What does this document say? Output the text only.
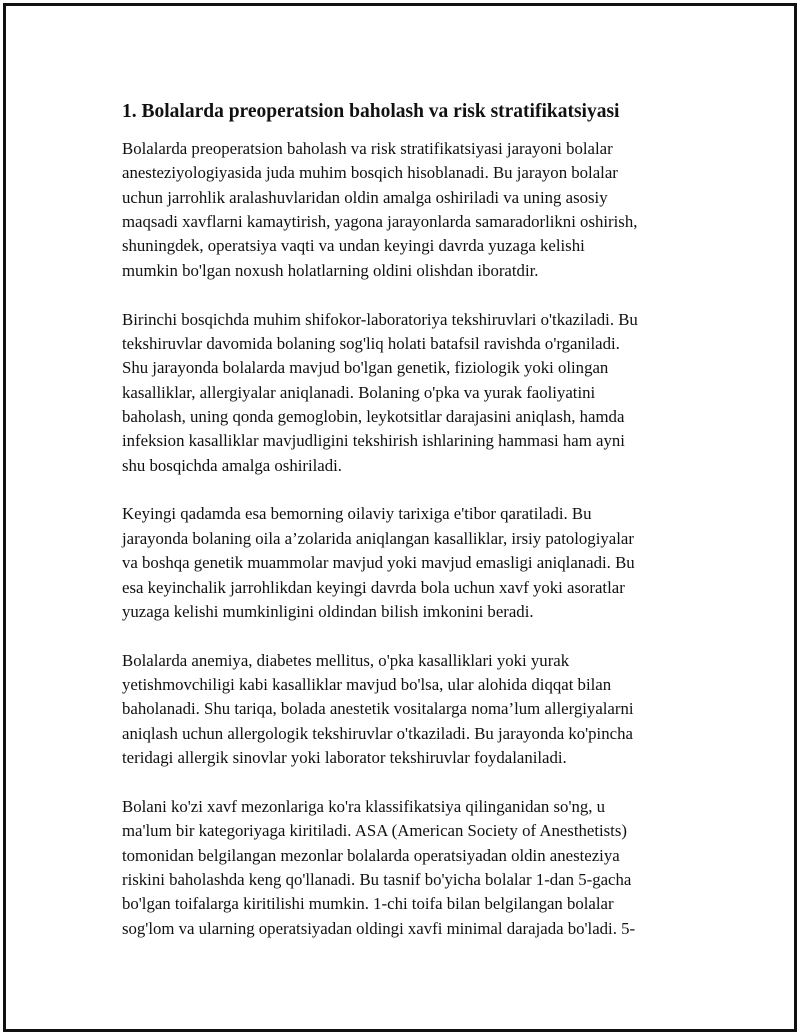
1. Bolalarda preoperatsion baholash va risk stratifikatsiyasi

Bolalarda preoperatsion baholash va risk stratifikatsiyasi jarayoni bolalar
anesteziyologiyasida juda muhim bosqich hisoblanadi. Bu jarayon bolalar
uchun jarrohlik aralashuvlaridan oldin amalga oshiriladi va uning asosiy
maqsadi xavflarni kamaytirish, yagona jarayonlarda samaradorlikni oshirish,
shuningdek, operatsiya vaqti va undan keyingi davrda yuzaga kelishi
mumkin bo'lgan noxush holatlarning oldini olishdan iboratdir.

Birinchi bosqichda muhim shifokor-laboratoriya tekshiruvlari o'tkaziladi. Bu
tekshiruvlar davomida bolaning sog'liq holati batafsil ravishda o'rganiladi.
Shu jarayonda bolalarda mavjud bo'lgan genetik, fiziologik yoki olingan
kasalliklar, allergiyalar aniqlanadi. Bolaning o'pka va yurak faoliyatini
baholash, uning qonda gemoglobin, leykotsitlar darajasini aniqlash, hamda
infeksion kasalliklar mavjudligini tekshirish ishlarining hammasi ham ayni
shu bosqichda amalga oshiriladi.

Keyingi qadamda esa bemorning oilaviy tarixiga e'tibor qaratiladi. Bu
jarayonda bolaning oila a’zolarida aniqlangan kasalliklar, irsiy patologiyalar
va boshqa genetik muammolar mavjud yoki mavjud emasligi aniqlanadi. Bu
esa keyinchalik jarrohlikdan keyingi davrda bola uchun xavf yoki asoratlar
yuzaga kelishi mumkinligini oldindan bilish imkonini beradi.

Bolalarda anemiya, diabetes mellitus, o'pka kasalliklari yoki yurak
yetishmovchiligi kabi kasalliklar mavjud bo'lsa, ular alohida diqqat bilan
baholanadi. Shu tariqa, bolada anestetik vositalarga noma’lum allergiyalarni
aniqlash uchun allergologik tekshiruvlar o'tkaziladi. Bu jarayonda ko'pincha
teridagi allergik sinovlar yoki laborator tekshiruvlar foydalaniladi.

Bolani ko'zi xavf mezonlariga ko'ra klassifikatsiya qilinganidan so'ng, u
ma'lum bir kategoriyaga kiritiladi. ASA (American Society of Anesthetists)
tomonidan belgilangan mezonlar bolalarda operatsiyadan oldin anesteziya
riskini baholashda keng qo'llanadi. Bu tasnif bo'yicha bolalar 1-dan 5-gacha
bo'lgan toifalarga kiritilishi mumkin. 1-chi toifa bilan belgilangan bolalar
sog'lom va ularning operatsiyadan oldingi xavfi minimal darajada bo'ladi. 5-
